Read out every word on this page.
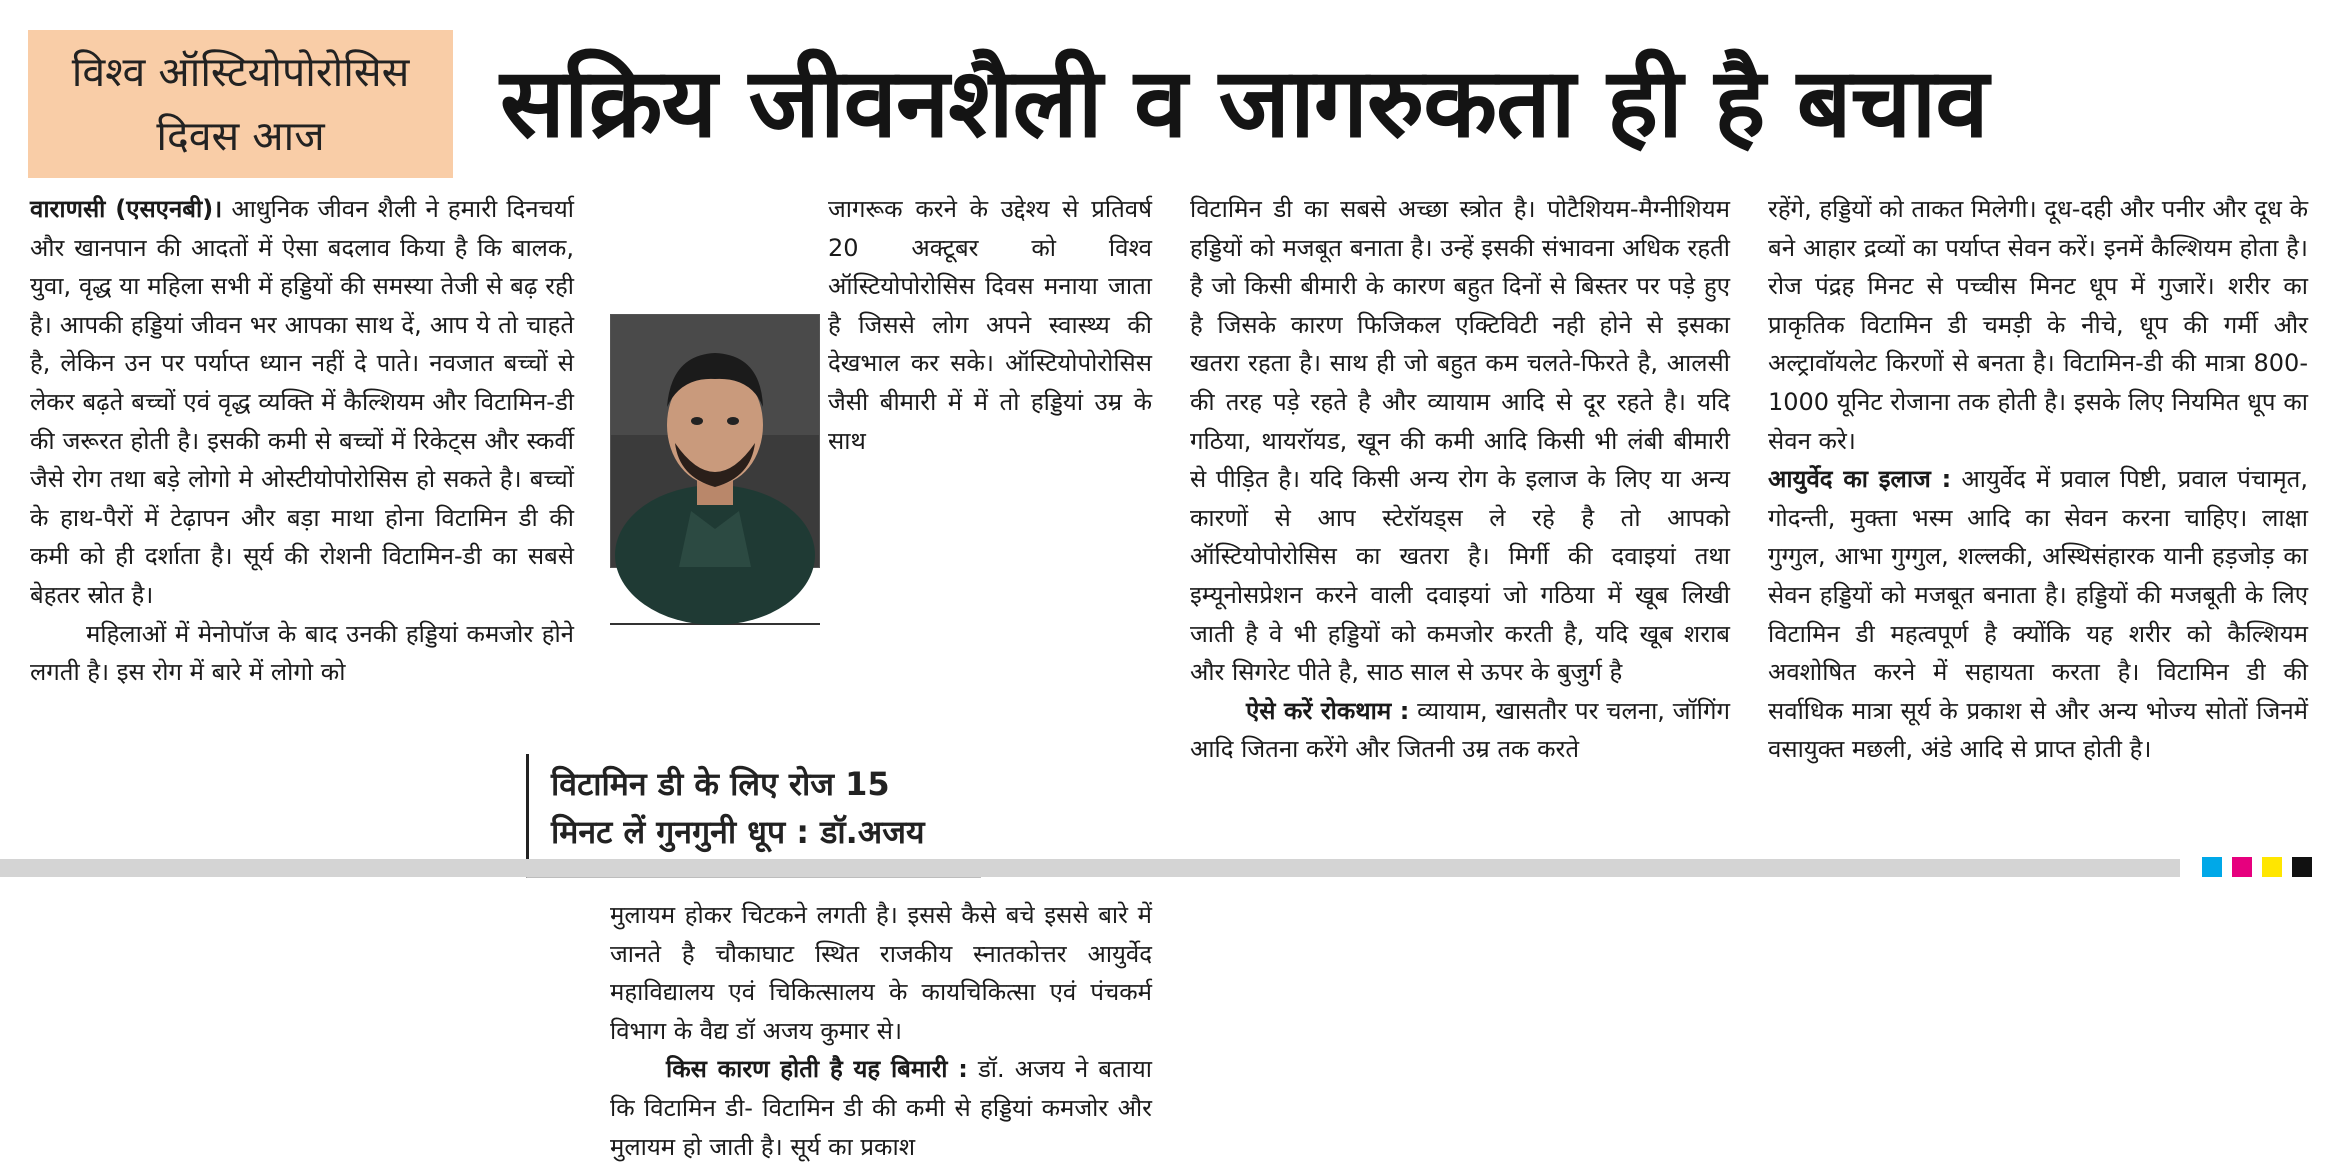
विश्व ऑस्टियोपोरोसिस
दिवस आज	सक्रिय जीवनशैली व जागरुकता ही है बचाव

वाराणसी (एसएनबी)। आधुनिक जीवन शैली ने हमारी दिनचर्या और खानपान की आदतों में ऐसा बदलाव किया है कि बालक, युवा, वृद्ध या महिला सभी में हड्डियों की समस्या तेजी से बढ़ रही है। आपकी हड्डियां जीवन भर आपका साथ दें, आप ये तो चाहते है, लेकिन उन पर पर्याप्त ध्यान नहीं दे पाते। नवजात बच्चों से लेकर बढ़ते बच्चों एवं वृद्ध व्यक्ति में कैल्शियम और विटामिन-डी की जरूरत होती है। इसकी कमी से बच्चों में रिकेट्स और स्कर्वी जैसे रोग तथा बड़े लोगो मे ओस्टीयोपोरोसिस हो सकते है। बच्चों के हाथ-पैरों में टेढ़ापन और बड़ा माथा होना विटामिन डी की कमी को ही दर्शाता है। सूर्य की रोशनी विटामिन-डी का सबसे बेहतर स्रोत है।

महिलाओं में मेनोपॉज के बाद उनकी हड्डियां कमजोर होने लगती है। इस रोग में बारे में लोगो को

जागरूक करने के उद्देश्य से प्रतिवर्ष 20 अक्टूबर को विश्व ऑस्टियोपोरोसिस दिवस मनाया जाता है जिससे लोग अपने स्वास्थ्य की देखभाल कर सके। ऑस्टियोपोरोसिस जैसी बीमारी में में तो हड्डियां उम्र के साथ

विटामिन डी के लिए रोज 15
मिनट लें गुनगुनी धूप : डॉ.अजय

मुलायम होकर चिटकने लगती है। इससे कैसे बचे इससे बारे में जानते है चौकाघाट स्थित राजकीय स्नातकोत्तर आयुर्वेद महाविद्यालय एवं चिकित्सालय के कायचिकित्सा एवं पंचकर्म विभाग के वैद्य डॉ अजय कुमार से।

किस कारण होती है यह बिमारी : डॉ. अजय ने बताया कि विटामिन डी- विटामिन डी की कमी से हड्डियां कमजोर और मुलायम हो जाती है। सूर्य का प्रकाश

विटामिन डी का सबसे अच्छा स्त्रोत है। पोटैशियम-मैग्नीशियम हड्डियों को मजबूत बनाता है। उन्हें इसकी संभावना अधिक रहती है जो किसी बीमारी के कारण बहुत दिनों से बिस्तर पर पड़े हुए है जिसके कारण फिजिकल एक्टिविटी नही होने से इसका खतरा रहता है। साथ ही जो बहुत कम चलते-फिरते है, आलसी की तरह पड़े रहते है और व्यायाम आदि से दूर रहते है। यदि गठिया, थायरॉयड, खून की कमी आदि किसी भी लंबी बीमारी से पीड़ित है। यदि किसी अन्य रोग के इलाज के लिए या अन्य कारणों से आप स्टेरॉयड्स ले रहे है तो आपको ऑस्टियोपोरोसिस का खतरा है। मिर्गी की दवाइयां तथा इम्यूनोसप्रेशन करने वाली दवाइयां जो गठिया में खूब लिखी जाती है वे भी हड्डियों को कमजोर करती है, यदि खूब शराब और सिगरेट पीते है, साठ साल से ऊपर के बुजुर्ग है

ऐसे करें रोकथाम : व्यायाम, खासतौर पर चलना, जॉगिंग आदि जितना करेंगे और जितनी उम्र तक करते

रहेंगे, हड्डियों को ताकत मिलेगी। दूध-दही और पनीर और दूध के बने आहार द्रव्यों का पर्याप्त सेवन करें। इनमें कैल्शियम होता है। रोज पंद्रह मिनट से पच्चीस मिनट धूप में गुजारें। शरीर का प्राकृतिक विटामिन डी चमड़ी के नीचे, धूप की गर्मी और अल्ट्रावॉयलेट किरणों से बनता है। विटामिन-डी की मात्रा 800-1000 यूनिट रोजाना तक होती है। इसके लिए नियमित धूप का सेवन करे।

आयुर्वेद का इलाज : आयुर्वेद में प्रवाल पिष्टी, प्रवाल पंचामृत, गोदन्ती, मुक्ता भस्म आदि का सेवन करना चाहिए। लाक्षा गुग्गुल, आभा गुग्गुल, शल्लकी, अस्थिसंहारक यानी हड़जोड़ का सेवन हड्डियों को मजबूत बनाता है। हड्डियों की मजबूती के लिए विटामिन डी महत्वपूर्ण है क्योंकि यह शरीर को कैल्शियम अवशोषित करने में सहायता करता है। विटामिन डी की सर्वाधिक मात्रा सूर्य के प्रकाश से और अन्य भोज्य सोतों जिनमें वसायुक्त मछली, अंडे आदि से प्राप्त होती है।
